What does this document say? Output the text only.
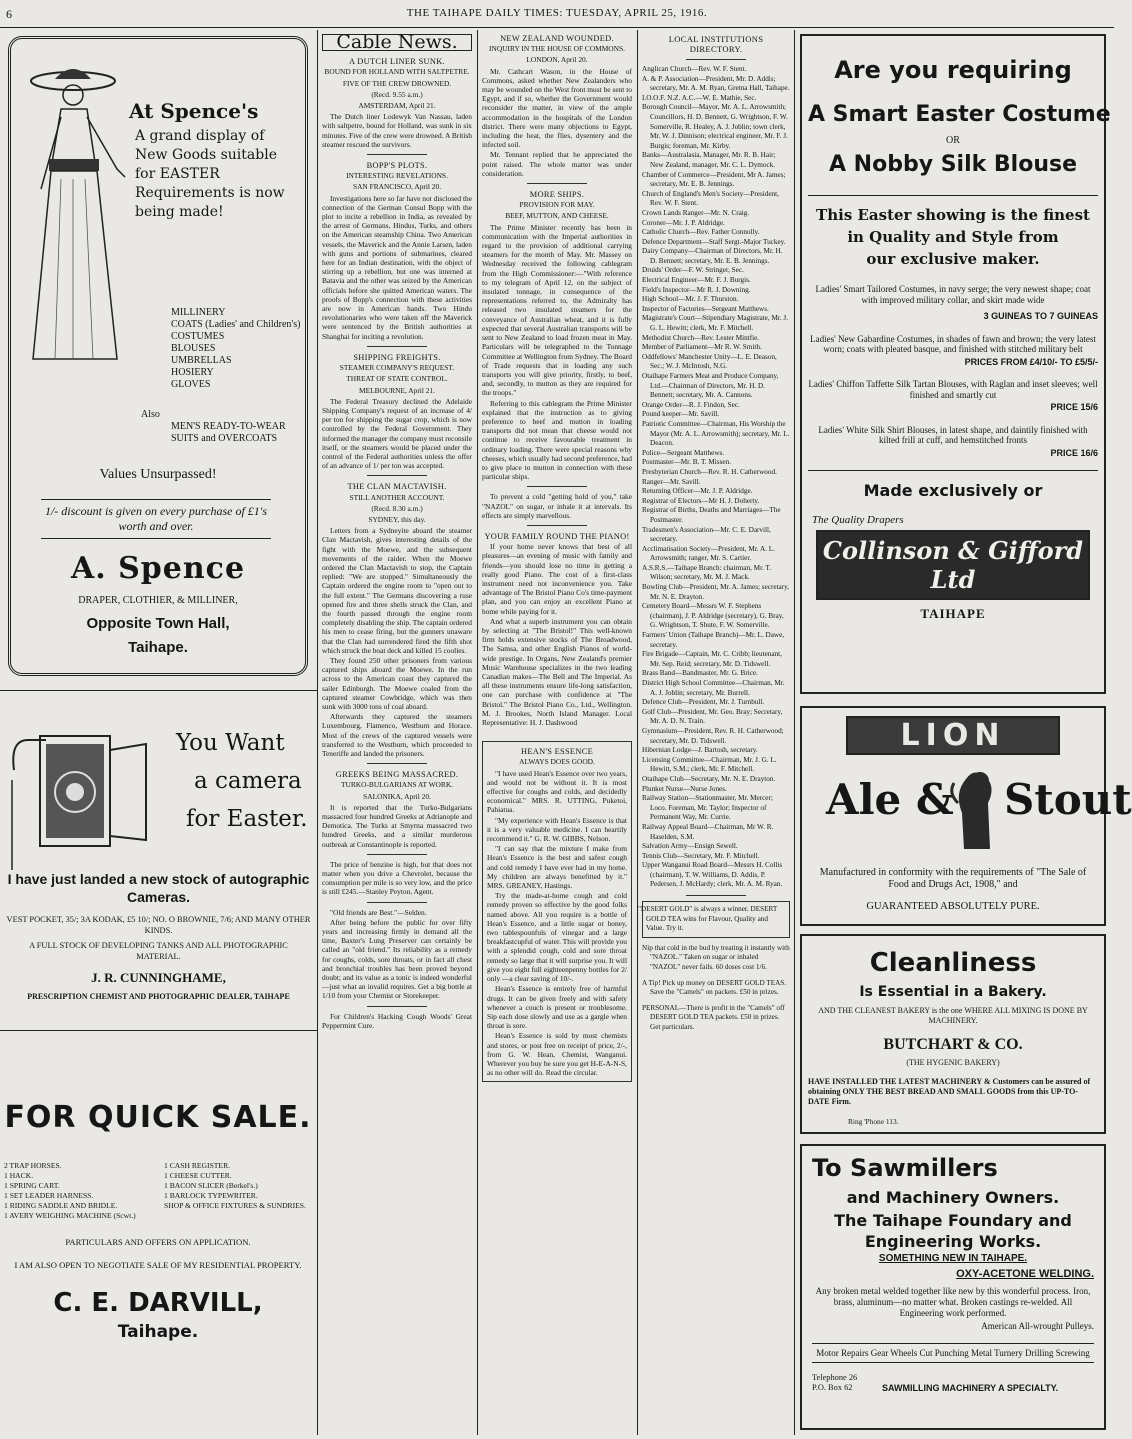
6	THE TAIHAPE DAILY TIMES: TUESDAY, APRIL 25, 1916.
At Spence's
A grand display of New Goods suitable for EASTER Requirements is now being made!
MILLINERY
COATS (Ladies' and Children's)
COSTUMES
BLOUSES
UMBRELLAS
HOSIERY
GLOVES
Also
MEN'S READY-TO-WEAR SUITS and OVERCOATS
Values Unsurpassed!
1/- discount is given on every purchase of £1's worth and over.
A. Spence
DRAPER, CLOTHIER, & MILLINER,
Opposite Town Hall,
Taihape.
You Want
a camera
for Easter.
I have just landed a new stock of autographic Cameras.
VEST POCKET, 35/; 3A KODAK, £5 10/; NO. O BROWNIE, 7/6; AND MANY OTHER KINDS.
A FULL STOCK OF DEVELOPING TANKS AND ALL PHOTOGRAPHIC MATERIAL.
J. R. CUNNINGHAME,
PRESCRIPTION CHEMIST AND PHOTOGRAPHIC DEALER, TAIHAPE
FOR QUICK SALE.
2 TRAP HORSES.
1 HACK.
1 SPRING CART.
1 SET LEADER HARNESS.
1 RIDING SADDLE AND BRIDLE.
1 AVERY WEIGHING MACHINE (Scwt.)
1 CASH REGISTER.
1 CHEESE CUTTER.
1 BACON SLICER (Berkel's.)
1 BARLOCK TYPEWRITER.
SHOP & OFFICE FIXTURES & SUNDRIES.
PARTICULARS AND OFFERS ON APPLICATION.
I AM ALSO OPEN TO NEGOTIATE SALE OF MY RESIDENTIAL PROPERTY.
C. E. DARVILL,
Taihape.
Cable News.
A DUTCH LINER SUNK.
BOUND FOR HOLLAND WITH SALTPETRE.
FIVE OF THE CREW DROWNED.
(Recd. 9.55 a.m.)
AMSTERDAM, April 21.

The Dutch liner Lodewyk Van Nassau, laden with saltpetre, bound for Holland, was sunk in six minutes. Five of the crew were drowned. A British steamer rescued the survivors.

BOPP'S PLOTS.
INTERESTING REVELATIONS.
SAN FRANCISCO, April 20.

Investigations here so far have not disclosed the connection of the German Consul Bopp with the plot to incite a rebellion in India, as revealed by the arrest of Germans, Hindus, Turks, and others on the American steamship China. Two American vessels, the Maverick and the Annie Larsen, laden with guns and portions of submarines, cleared here for an Indian destination, with the object of stirring up a rebellion, but one was interned at Batavia and the other was seized by the American officials before she quitted American waters. The proofs of Bopp's connection with these activities are now in American hands. Two Hindu revolutionaries who were taken off the Maverick were sentenced by the British authorities at Shanghai for inciting a revolution.

SHIPPING FREIGHTS.
STEAMER COMPANY'S REQUEST.
THREAT OF STATE CONTROL.
MELBOURNE, April 21.

The Federal Treasury declined the Adelaide Shipping Company's request of an increase of 4/ per ton for shipping the sugar crop, which is now controlled by the Federal Government. They informed the manager the company must reconsile itself, or the steamers would be placed under the control of the Federal authorities unless the offer of an advance of 1/ per ton was accepted.

THE CLAN MACTAVISH.
STILL ANOTHER ACCOUNT.
(Recd. 8.30 a.m.)
SYDNEY, this day.

Letters from a Sydneyite aboard the steamer Clan Mactavish, gives interesting details of the fight with the Moewe, and the subsequent movements of the raider. When the Moewe ordered the Clan Mactavish to stop, the Captain replied: "We are stopped." Simultaneously the Captain ordered the engine room to "open out to the full extent." The Germans discovering a ruse opened fire and three shells struck the Clan, and the fourth passed through the engine room completely disabling the ship. The captain ordered his men to cease firing, but the gunners unaware that the Clan had surrendered fired the fifth shot which struck the boat deck and killed 15 coolies.

They found 250 other prisoners from various captured ships aboard the Moewe. In the run across to the American coast they captured the sailer Edinburgh. The Moewe coaled from the captured steamer Cowbridge, which was then sunk with 3000 tons of coal aboard.

Afterwards they captured the steamers Luxembourg, Flamenco, Westburn and Horace. Most of the crews of the captured vessels were transferred to the Westburn, which proceeded to Teneriffe and landed the prisoners.

GREEKS BEING MASSACRED.
TURKO-BULGARIANS AT WORK.
SALONIKA, April 20.

It is reported that the Turko-Bulgarians massacred four hundred Greeks at Adrianople and Demotica. The Turks at Smyrna massacred two hundred Greeks, and a similar murderous outbreak at Constantinople is reported.

The price of benzine is high, but that does not matter when you drive a Chevrolet, because the consumption per mile is so very low, and the price is still £245.—Stanley Peyton, Agent.

"Old friends are Best."—Selden.

After being before the public for over fifty years and increasing firmly in demand all the time, Baxter's Lung Preserver can certainly be called an "old friend." Its reliability as a remedy for coughs, colds, sore throats, or in fact all chest and bronchial troubles has been proved beyond doubt; and its value as a tonic is indeed wonderful—just what an invalid requires. Get a big bottle at 1/10 from your Chemist or Storekeeper.

For Children's Hacking Cough Woods' Great Peppermint Cure.

NEW ZEALAND WOUNDED.
INQUIRY IN THE HOUSE OF COMMONS.
LONDON, April 20.

Mr. Cathcart Wason, in the House of Commons, asked whether New Zealanders who may be wounded on the West front must be sent to Egypt, and if so, whether the Government would reconsider the matter, in view of the ample accommodation in the hospitals of the London district. There were many objections to Egypt, including the heat, the flies, dysentery and the infected soil.

Mr. Tennant replied that he appreciated the point raised. The whole matter was under consideration.

MORE SHIPS.
PROVISION FOR MAY.
BEEF, MUTTON, AND CHEESE.

The Prime Minister recently has been in communication with the Imperial authorities in regard to the provision of additional carrying steamers for the month of May. Mr. Massey on Wednesday received the following cablegram from the High Commissioner:—"With reference to my telegram of April 12, on the subject of insulated tonnage, in consequence of the representations referred to, the Admiralty has released two insulated steamers for the conveyance of Australian wheat, and it is fully expected that several Australian transports will be sent to New Zealand to load frozen meat in May. Particulars will be telegraphed to the Tonnage Committee at Wellington from Sydney. The Board of Trade requests that in loading any such transports you will give priority, firstly, to beef, and, secondly, to mutton as they are required for the troops."

Referring to this cablegram the Prime Minister explained that the instruction as to giving preference to beef and mutton in loading transports did not mean that cheese would not continue to receive favourable treatment in ordinary loading. There were special reasons why cheeses, which usually had second preference, had to give place to mutton in connection with these particular ships.

To prevent a cold "getting hold of you," take "NAZOL" on sugar, or inhale it at intervals. Its effects are simply marvellous.

YOUR FAMILY ROUND THE PIANO!

If your home never knows that best of all pleasures—an evening of music with family and friends—you should lose no time in getting a really good Piano. The cost of a first-class instrument need not inconvenience you. Take advantage of The Bristol Piano Co's time-payment plan, and you can enjoy an excellent Piano at home while paying for it.

And what a superb instrument you can obtain by selecting at "The Bristol!" This well-known firm holds extensive stocks of The Broadwood, The Samsa, and other English Pianos of world-wide prestige. In Organs, New Zealand's premier Music Warehouse specializes in the two leading Canadian makes—The Bell and The Imperial. As all these instruments ensure life-long satisfaction, one can purchase with confidence at "The Bristol." The Bristol Piano Co., Ltd., Wellington. M. J. Brookes, North Island Manager. Local Representative: H. J. Dashwood

HEAN'S ESSENCE
ALWAYS DOES GOOD.

"I have used Hean's Essence over two years, and would not be without it. It is most effective for coughs and colds, and decidedly economical." MRS. R. UTTING, Puketoi, Pahiatua.

"My experience with Hean's Essence is that it is a very valuable medicine. I can heartily recommend it." G. R. W. GIBBS, Nelson.

"I can say that the mixture I make from Hean's Essence is the best and safest cough and cold remedy I have ever had in my home. My children are always benefitted by it." MRS. GREANEY, Hastings.

Try the made-at-home cough and cold remedy proven so effective by the good folks named above. All you require is a bottle of Hean's Essence, and a little sugar or honey, two tablespoonfuls of vinegar and a large breakfastcupful of water. This will provide you with a splendid cough, cold and sore throat remedy so large that it will surprise you. It will give you eight full eighteenpenny bottles for 2/ only —a clear saving of 10/-.

Hean's Essence is entirely free of harmful drugs. It can be given freely and with safety whenever a couch is present or troublesome. Sip each dose slowly and use as a gargle when throat is sore.

Hean's Essence is sold by most chemists and stores, or post free on receipt of price, 2/-, from G. W. Hean, Chemist, Wanganui. Wherever you buy be sure you get H-E-A-N-S, as no other will do. Read the circular.

LOCAL INSTITUTIONS DIRECTORY.

Anglican Church—Rev. W. F. Stent.

A. & P. Association—President, Mr. D. Addis; secretary, Mr. A. M. Ryan, Gretna Hall, Taihape.

I.O.O.F. N.Z. A.C.—W. E. Mathie, Sec.

Borough Council—Mayor, Mr. A. L. Arrowsmith; Councillors, H. D. Bennett, G. Wrightson, F. W. Somerville, R. Healey, A. J. Joblin; town clerk, Mr. W. J. Dinnison; electrical engineer, Mr. F. J. Burgis; foreman, Mr. Kirby.

Banks—Australasia, Manager, Mr. R. B. Hair; New Zealand, manager, Mr. C. L. Dymock.

Chamber of Commerce—President, Mr A. James; secretary, Mr. E. B. Jennings.

Church of England's Men's Society—President, Rev. W. F. Stent.

Crown Lands Ranger—Mr. N. Craig.

Coroner—Mr. J. P. Aldridge.

Catholic Church—Rev. Father Connolly.

Defence Department—Staff Sergt.-Major Tuckey.

Dairy Company—Chairman of Directors, Mr. H. D. Bennett; secretary, Mr. E. B. Jennings.

Druids' Order—F. W. Stringer, Sec.

Electrical Engineer—Mr. F. J. Burgis.

Field's Inspector—Mr R. J. Downing.

High School—Mr. J. F. Thurston.

Inspector of Factories—Sergeant Matthews.

Magistrate's Court—Stipendiary Magistrate, Mr. J. G. L. Hewitt; clerk, Mr. F. Mitchell.

Methodist Church—Rev. Lester Mintfie.

Member of Parliament—Mr R. W. Smith.

Oddfellows' Manchester Unity—L. E. Deason, Sec.; W. J. McIntosh, N.G.

Otaihape Farmers Meat and Produce Company, Ltd.—Chairman of Directors, Mr. H. D. Bennett; secretary, Mr. A. Cannons.

Orange Order—R. J. Findon, Sec.

Pound keeper—Mr. Savill.

Patriotic Committee—Chairman, His Worship the Mayor (Mr. A. L. Arrowsmith); secretary, Mr. L. Deacon.

Police—Sergeant Matthews.

Postmaster—Mr. B. T. Missen.

Presbyterian Church—Rev. R. H. Catherwood.

Ranger—Mr. Savill.

Returning Officer—Mr. J. P. Aldridge.

Registrar of Electors—Mr H. J. Doherty.

Registrar of Births, Deaths and Marriages—The Postmaster.

Tradesmen's Association—Mr. C. E. Darvill, secretary.

Acclimatisation Society—President, Mr. A. L. Arrowsmith; ranger, Mr. S. Cartier.

A.S.R.S.—Taihape Branch: chairman, Mr. T. Wilson; secretary, Mr. M. J. Mack.

Bowling Club—President, Mr. A. James; secretary, Mr. N. E. Drayton.

Cemetery Board—Messrs W. F. Stephens (chairman), J. P. Aldridge (secretary), G. Bray, G. Wrightson, T. Shute, F. W. Somerville.

Farmers' Union (Taihape Branch)—Mr. L. Dawe, secretary.

Fire Brigade—Captain, Mr. C. Cribb; lieutenant, Mr. Sep. Reid; secretary, Mr. D. Tidswell.

Brass Band—Bandmaster, Mr. G. Brice.

District High School Committee—Chairman, Mr. A. J. Joblin; secretary, Mr. Burrell.

Defence Club—President, Mr. J. Turnbull.

Golf Club—President, Mr. Geo. Bray; Secretary, Mr. A. D. N. Train.

Gymnasium—President, Rev. R. H. Catherwood; secretary, Mr. D. Tidswell.

Hibernian Lodge—J. Bartosh, secretary.

Licensing Committee—Chairman, Mr. J. G. L. Hewitt, S.M.; clerk, Mr. F. Mitchell.

Otaihape Club—Secretary, Mr. N. E. Drayton.

Plunket Nurse—Nurse Jones.

Railway Station—Stationmaster, Mr. Mercer; Loco. Foreman, Mr. Taylor; Inspector of Permanent Way, Mr. Currie.

Railway Appeal Board—Chairman, Mr W. R. Haselden, S.M.

Salvation Army—Ensign Sewell.

Tennis Club—Secretary, Mr. F. Mitchell.

Upper Wanganui Road Board—Messrs H. Collis (chairman), T. W. Williams, D. Addis, P. Pedersen, J. McHardy; clerk, Mr. A. M. Ryan.

"DESERT GOLD" is always a winner. DESERT GOLD TEA wins for Flavour, Quality and Value. Try it.

Nip that cold in the bud by treating it instantly with "NAZOL." Taken on sugar or inhaled "NAZOL" never fails. 60 doses cost 1/6.

A Tip! Pick up money on DESERT GOLD TEAS. Save the "Camels" on packets. £50 in prizes.

PERSONAL—There is profit in the "Camels" off DESERT GOLD TEA packets. £50 in prizes. Get particulars.

Are you requiring
A Smart Easter Costume
OR
A Nobby Silk Blouse
This Easter showing is the finest
in Quality and Style from
our exclusive maker.
Ladies' Smart Tailored Costumes, in navy serge; the very newest shape; coat with improved military collar, and skirt made wide
3 GUINEAS TO 7 GUINEAS
Ladies' New Gabardine Costumes, in shades of fawn and brown; the very latest worn; coats with pleated basque, and finished with stitched military belt
PRICES FROM £4/10/- TO £5/5/-
Ladies' Chiffon Taffette Silk Tartan Blouses, with Raglan and inset sleeves; well finished and smartly cut
PRICE 15/6
Ladies' White Silk Shirt Blouses, in latest shape, and daintily finished with kilted frill at cuff, and hemstitched fronts
PRICE 16/6
Made exclusively or
The Quality Drapers
Collinson & Gifford Ltd
TAIHAPE
LION
Ale & Stout
Manufactured in conformity with the requirements of "The Sale of Food and Drugs Act, 1908," and
GUARANTEED ABSOLUTELY PURE.
Cleanliness
Is Essential in a Bakery.
AND THE CLEANEST BAKERY is the one WHERE ALL MIXING IS DONE BY MACHINERY.
BUTCHART & CO.
(THE HYGENIC BAKERY)
HAVE INSTALLED THE LATEST MACHINERY & Customers can be assured of obtaining ONLY THE BEST BREAD AND SMALL GOODS from this UP-TO-DATE Firm.
Ring 'Phone 113.
To Sawmillers
and Machinery Owners.
The Taihape Foundary and
Engineering Works.
SOMETHING NEW IN TAIHAPE.
OXY-ACETONE WELDING.
Any broken metal welded together like new by this wonderful process. Iron, brass, aluminum—no matter what. Broken castings re-welded. All Engineering work performed.
American All-wrought Pulleys.
Motor Repairs Gear Wheels Cut Punching Metal Turnery Drilling Screwing
Telephone 26
P.O. Box 62	SAWMILLING MACHINERY A SPECIALTY.
